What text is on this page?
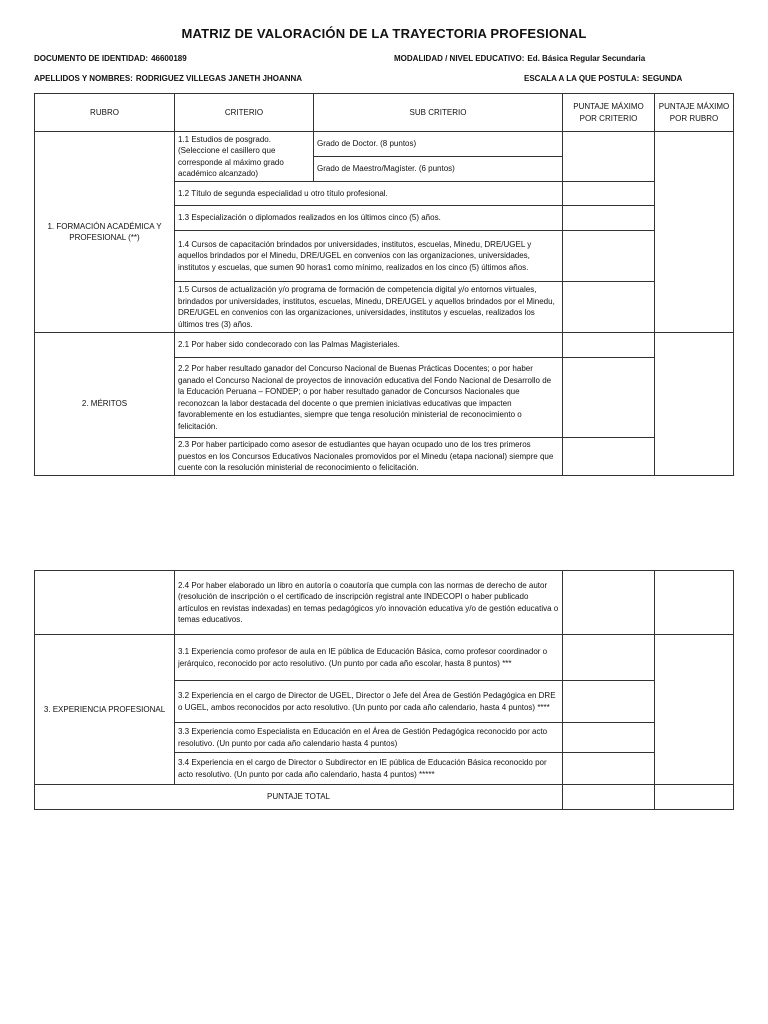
MATRIZ DE VALORACIÓN DE LA TRAYECTORIA PROFESIONAL
DOCUMENTO DE IDENTIDAD: 46600189	MODALIDAD / NIVEL EDUCATIVO: Ed. Básica Regular Secundaria
APELLIDOS Y NOMBRES: RODRIGUEZ VILLEGAS JANETH JHOANNA	ESCALA A LA QUE POSTULA: SEGUNDA
RUBRO	CRITERIO	SUB CRITERIO	PUNTAJE MÁXIMO POR CRITERIO	PUNTAJE MÁXIMO POR RUBRO
1. FORMACIÓN ACADÉMICA Y PROFESIONAL (**)	1.1 Estudios de posgrado. (Seleccione el casillero que corresponde al máximo grado académico alcanzado)	Grado de Doctor. (8 puntos)		
		Grado de Maestro/Magíster. (6 puntos)		
	1.2 Título de segunda especialidad u otro título profesional.			
	1.3 Especialización o diplomados realizados en los últimos cinco (5) años.			
	1.4 Cursos de capacitación brindados por universidades, institutos, escuelas, Minedu, DRE/UGEL y aquellos brindados por el Minedu, DRE/UGEL en convenios con las organizaciones, universidades, institutos y escuelas, que sumen 90 horas1 como mínimo, realizados en los cinco (5) últimos años.			
	1.5 Cursos de actualización y/o programa de formación de competencia digital y/o entornos virtuales, brindados por universidades, institutos, escuelas, Minedu, DRE/UGEL y aquellos brindados por el Minedu, DRE/UGEL en convenios con las organizaciones, universidades, institutos y escuelas, realizados los últimos tres (3) años.			

2. MÉRITOS	2.1 Por haber sido condecorado con las Palmas Magisteriales.			
	2.2 Por haber resultado ganador del Concurso Nacional de Buenas Prácticas Docentes; o por haber ganado el Concurso Nacional de proyectos de innovación educativa del Fondo Nacional de Desarrollo de la Educación Peruana – FONDEP; o por haber resultado ganador de Concursos Nacionales que reconozcan la labor destacada del docente o que premien iniciativas educativas que impacten favorablemente en los estudiantes, siempre que tenga resolución ministerial de reconocimiento o felicitación.			
	2.3 Por haber participado como asesor de estudiantes que hayan ocupado uno de los tres primeros puestos en los Concursos Educativos Nacionales promovidos por el Minedu (etapa nacional) siempre que cuente con la resolución ministerial de reconocimiento o felicitación.			
	2.4 Por haber elaborado un libro en autoría o coautoría que cumpla con las normas de derecho de autor (resolución de inscripción o el certificado de inscripción registral ante INDECOPI o haber publicado artículos en revistas indexadas) en temas pedagógicos y/o innovación educativa y/o de gestión educativa o temas educativos.		
3. EXPERIENCIA PROFESIONAL	3.1 Experiencia como profesor de aula en IE pública de Educación Básica, como profesor coordinador o jerárquico, reconocido por acto resolutivo. (Un punto por cada año escolar, hasta 8 puntos) ***		
	3.2 Experiencia en el cargo de Director de UGEL, Director o Jefe del Área de Gestión Pedagógica en DRE o UGEL, ambos reconocidos por acto resolutivo. (Un punto por cada año calendario, hasta 4 puntos) ****		
	3.3 Experiencia como Especialista en Educación en el Área de Gestión Pedagógica reconocido por acto resolutivo. (Un punto por cada año calendario hasta 4 puntos)		
	3.4 Experiencia en el cargo de Director o Subdirector en IE pública de Educación Básica reconocido por acto resolutivo. (Un punto por cada año calendario, hasta 4 puntos) *****		
PUNTAJE TOTAL			
